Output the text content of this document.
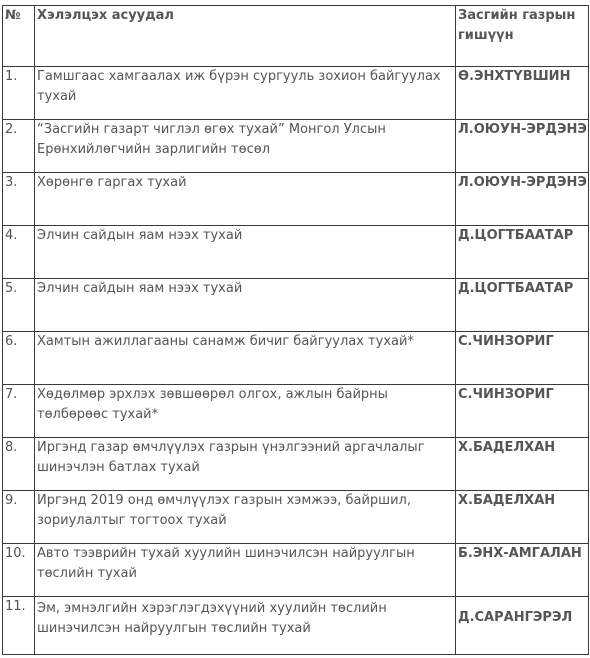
№	Хэлэлцэх асуудал	Засгийн газрын гишүүн
1.	Гамшгаас хамгаалах иж бүрэн сургууль зохион байгуулах тухай	Ө.ЭНХТҮВШИН
2.	“Засгийн газарт чиглэл өгөх тухай” Монгол Улсын Ерөнхийлөгчийн зарлигийн төсөл	Л.ОЮУН-ЭРДЭНЭ
3.	Хөрөнгө гаргах тухай	Л.ОЮУН-ЭРДЭНЭ
4.	Элчин сайдын яам нээх тухай	Д.ЦОГТБААТАР
5.	Элчин сайдын яам нээх тухай	Д.ЦОГТБААТАР
6.	Хамтын ажиллагааны санамж бичиг байгуулах тухай*	С.ЧИНЗОРИГ
7.	Хөдөлмөр эрхлэх зөвшөөрөл олгох, ажлын байрны төлбөрөөс тухай*	С.ЧИНЗОРИГ
8.	Иргэнд газар өмчлүүлэх газрын үнэлгээний аргачлалыг шинэчлэн батлах тухай	Х.БАДЕЛХАН
9.	Иргэнд 2019 онд өмчлүүлэх газрын хэмжээ, байршил, зориулалтыг тогтоох тухай	Х.БАДЕЛХАН
10.	Авто тээврийн тухай хуулийн шинэчилсэн найруулгын төслийн тухай	Б.ЭНХ-АМГАЛАН
11.	Эм, эмнэлгийн хэрэглэгдэхүүний хуулийн төслийн шинэчилсэн найруулгын төслийн тухай	Д.САРАНГЭРЭЛ
